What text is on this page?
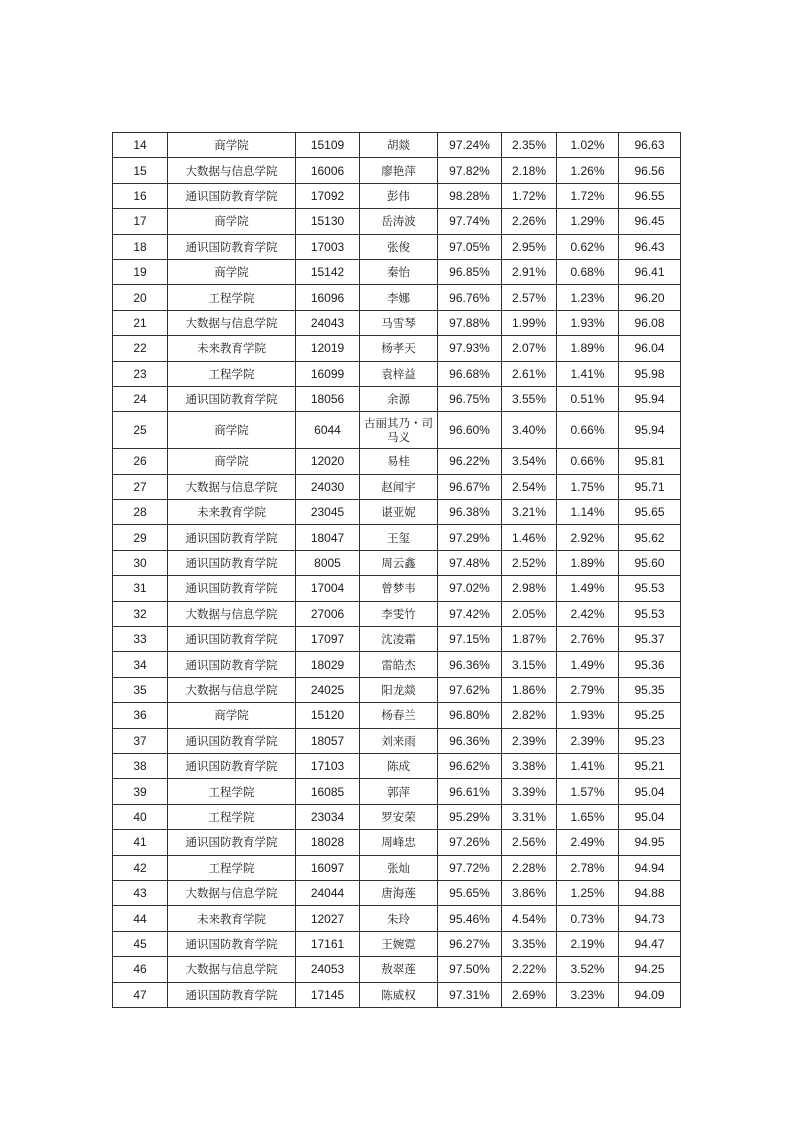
14	商学院	15109	胡燚	97.24%	2.35%	1.02%	96.63
15	大数据与信息学院	16006	廖艳萍	97.82%	2.18%	1.26%	96.56
16	通识国防教育学院	17092	彭伟	98.28%	1.72%	1.72%	96.55
17	商学院	15130	岳涛波	97.74%	2.26%	1.29%	96.45
18	通识国防教育学院	17003	张俊	97.05%	2.95%	0.62%	96.43
19	商学院	15142	秦怡	96.85%	2.91%	0.68%	96.41
20	工程学院	16096	李娜	96.76%	2.57%	1.23%	96.20
21	大数据与信息学院	24043	马雪琴	97.88%	1.99%	1.93%	96.08
22	未来教育学院	12019	杨孝天	97.93%	2.07%	1.89%	96.04
23	工程学院	16099	袁梓益	96.68%	2.61%	1.41%	95.98
24	通识国防教育学院	18056	余源	96.75%	3.55%	0.51%	95.94
25	商学院	6044	古丽其乃・司马义	96.60%	3.40%	0.66%	95.94
26	商学院	12020	易桂	96.22%	3.54%	0.66%	95.81
27	大数据与信息学院	24030	赵闻宇	96.67%	2.54%	1.75%	95.71
28	未来教育学院	23045	谌亚妮	96.38%	3.21%	1.14%	95.65
29	通识国防教育学院	18047	王玺	97.29%	1.46%	2.92%	95.62
30	通识国防教育学院	8005	周云鑫	97.48%	2.52%	1.89%	95.60
31	通识国防教育学院	17004	曾梦韦	97.02%	2.98%	1.49%	95.53
32	大数据与信息学院	27006	李雯竹	97.42%	2.05%	2.42%	95.53
33	通识国防教育学院	17097	沈凌霜	97.15%	1.87%	2.76%	95.37
34	通识国防教育学院	18029	雷皓杰	96.36%	3.15%	1.49%	95.36
35	大数据与信息学院	24025	阳龙燚	97.62%	1.86%	2.79%	95.35
36	商学院	15120	杨春兰	96.80%	2.82%	1.93%	95.25
37	通识国防教育学院	18057	刘来雨	96.36%	2.39%	2.39%	95.23
38	通识国防教育学院	17103	陈成	96.62%	3.38%	1.41%	95.21
39	工程学院	16085	郭萍	96.61%	3.39%	1.57%	95.04
40	工程学院	23034	罗安荣	95.29%	3.31%	1.65%	95.04
41	通识国防教育学院	18028	周峰忠	97.26%	2.56%	2.49%	94.95
42	工程学院	16097	张灿	97.72%	2.28%	2.78%	94.94
43	大数据与信息学院	24044	唐海莲	95.65%	3.86%	1.25%	94.88
44	未来教育学院	12027	朱玲	95.46%	4.54%	0.73%	94.73
45	通识国防教育学院	17161	王婉霓	96.27%	3.35%	2.19%	94.47
46	大数据与信息学院	24053	敖翠莲	97.50%	2.22%	3.52%	94.25
47	通识国防教育学院	17145	陈威权	97.31%	2.69%	3.23%	94.09
